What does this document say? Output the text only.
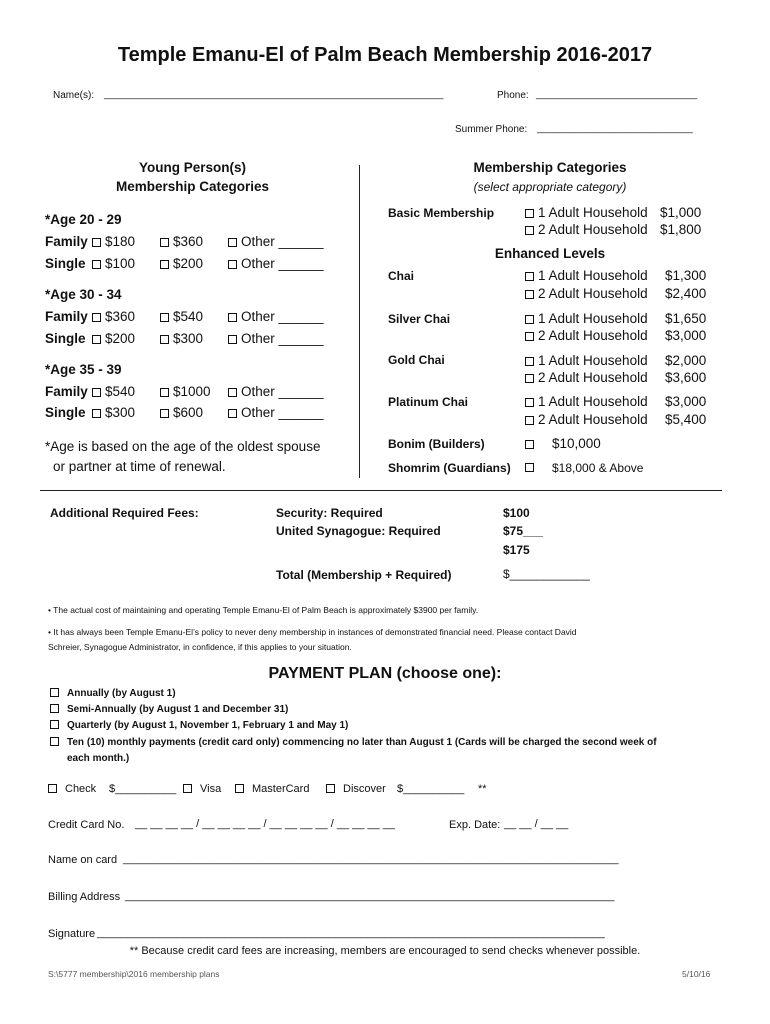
Temple Emanu-El of Palm Beach Membership 2016-2017
Name(s): _____________________________________________________________	Phone: _____________________________
Summer Phone: ____________________________
Young Person(s)
Membership Categories
*Age 20 - 29
Family	$180	$360	Other ______
Single	$100	$200	Other ______
*Age 30 - 34
Family	$360	$540	Other ______
Single	$200	$300	Other ______
*Age 35 - 39
Family	$540	$1000	Other ______
Single	$300	$600	Other ______
*Age is based on the age of the oldest spouse
or partner at time of renewal.
Membership Categories
(select appropriate category)
Basic Membership	1 Adult Household $1,000
2 Adult Household $1,800
Enhanced Levels
Chai	1 Adult Household $1,300
2 Adult Household $2,400
Silver Chai	1 Adult Household $1,650
2 Adult Household $3,000
Gold Chai	1 Adult Household $2,000
2 Adult Household $3,600
Platinum Chai	1 Adult Household $3,000
2 Adult Household $5,400
Bonim (Builders)	$10,000
Shomrim (Guardians)	$18,000 & Above
Additional Required Fees:	Security: Required	$100
United Synagogue: Required	$75___
$175
Total (Membership + Required)	$____________
• The actual cost of maintaining and operating Temple Emanu-El of Palm Beach is approximately $3900 per family.
• It has always been Temple Emanu-El’s policy to never deny membership in instances of demonstrated financial need. Please contact David
Schreier, Synagogue Administrator, in confidence, if this applies to your situation.
PAYMENT PLAN (choose one):
Annually (by August 1)
Semi-Annually (by August 1 and December 31)
Quarterly (by August 1, November 1, February 1 and May 1)
Ten (10) monthly payments (credit card only) commencing no later than August 1 (Cards will be charged the second week of
each month.)
Check $__________	Visa	MasterCard	Discover $__________ **
Credit Card No. __ __ __ __ / __ __ __ __ / __ __ __ __ / __ __ __ __	Exp. Date: __ __ / __ __
Name on card _________________________________________________________________________________
Billing Address ________________________________________________________________________________
Signature ___________________________________________________________________________________
** Because credit card fees are increasing, members are encouraged to send checks whenever possible.
S:\5777 membership\2016 membership plans	5/10/16
